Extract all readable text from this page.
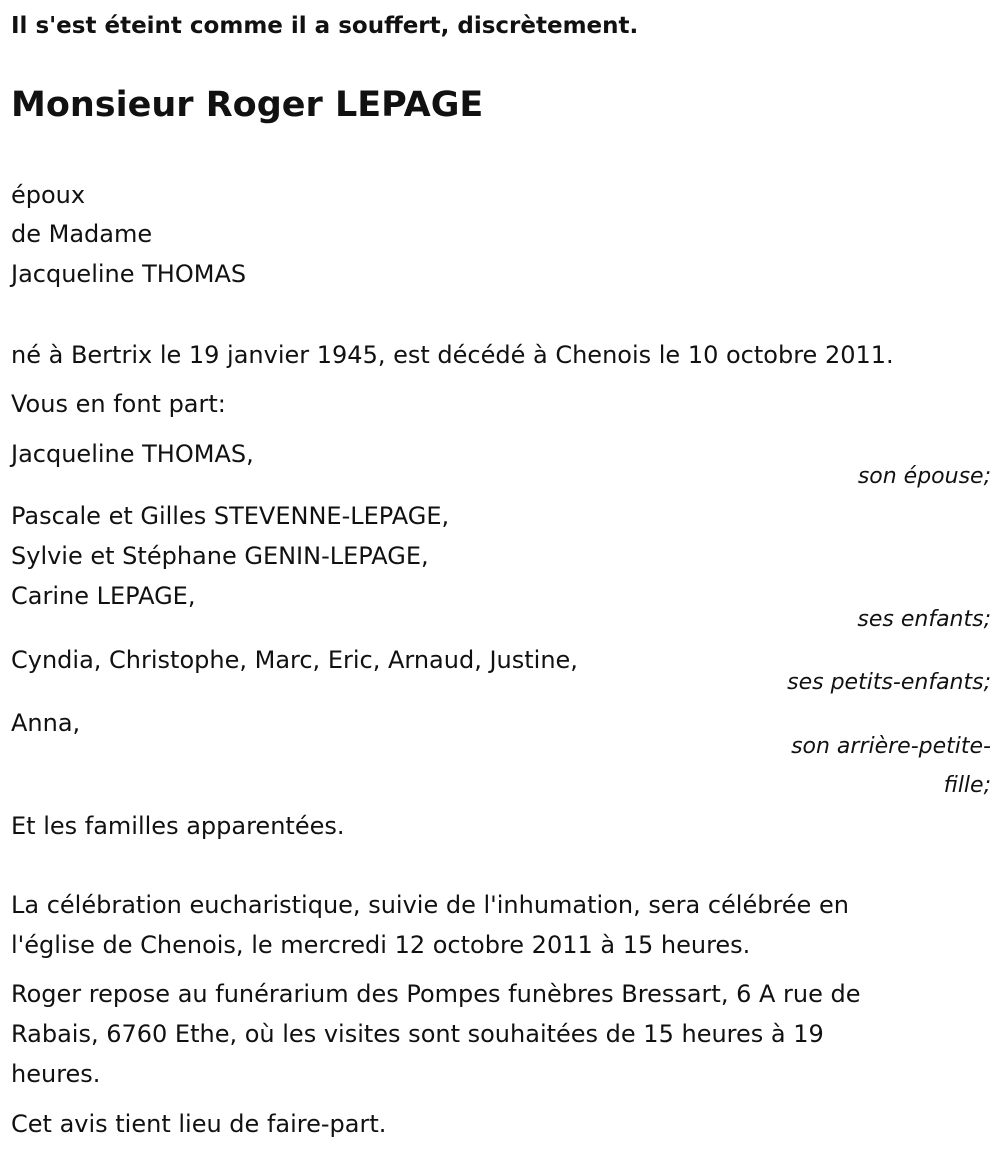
Il s'est éteint comme il a souffert, discrètement.
Monsieur Roger LEPAGE
époux
de Madame
Jacqueline THOMAS
né à Bertrix le 19 janvier 1945, est décédé à Chenois le 10 octobre 2011.
Vous en font part:
Jacqueline THOMAS,
son épouse;
Pascale et Gilles STEVENNE-LEPAGE,
Sylvie et Stéphane GENIN-LEPAGE,
Carine LEPAGE,
ses enfants;
Cyndia, Christophe, Marc, Eric, Arnaud, Justine,
ses petits-enfants;
Anna,
son arrière-petite-
fille;
Et les familles apparentées.
La célébration eucharistique, suivie de l'inhumation, sera célébrée en
l'église de Chenois, le mercredi 12 octobre 2011 à 15 heures.
Roger repose au funérarium des Pompes funèbres Bressart, 6 A rue de
Rabais, 6760 Ethe, où les visites sont souhaitées de 15 heures à 19
heures.
Cet avis tient lieu de faire-part.
